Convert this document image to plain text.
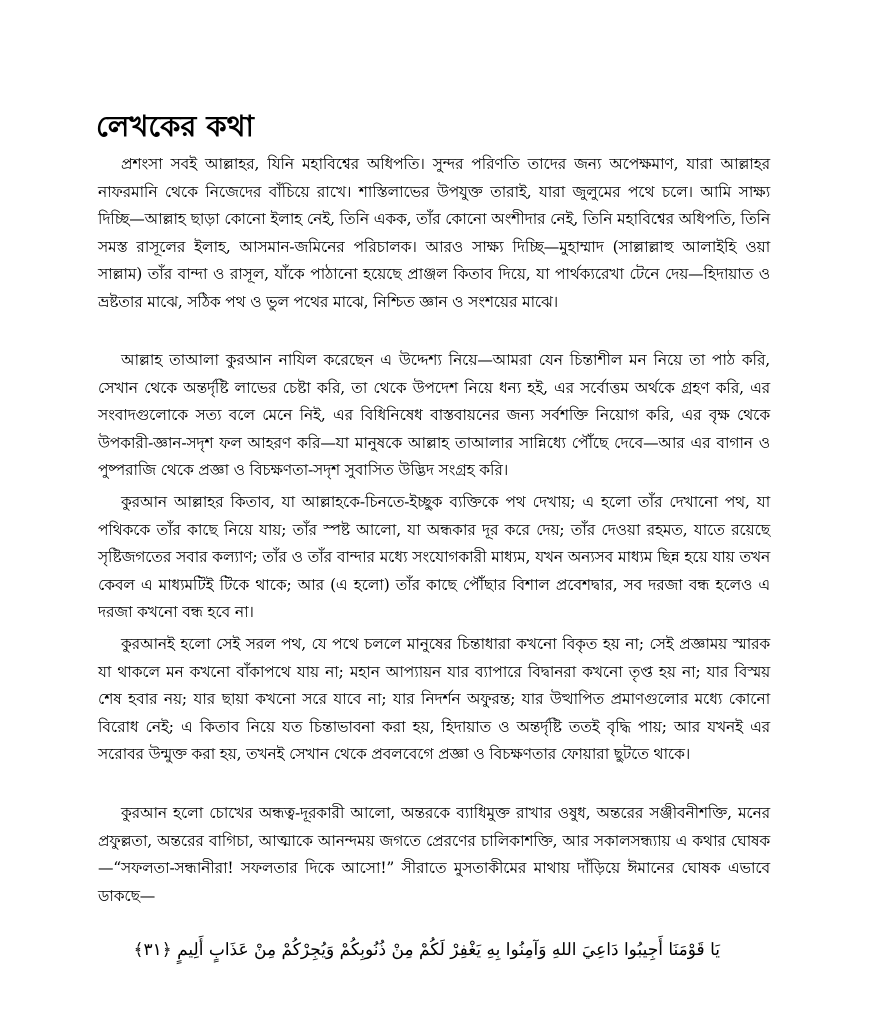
লেখকের কথা

প্রশংসা সবই আল্লাহর, যিনি মহাবিশ্বের অধিপতি। সুন্দর পরিণতি তাদের জন্য অপেক্ষমাণ, যারা আল্লাহর নাফরমানি থেকে নিজেদের বাঁচিয়ে রাখে। শাস্তিলাভের উপযুক্ত তারাই, যারা জুলুমের পথে চলে। আমি সাক্ষ্য দিচ্ছি—আল্লাহ ছাড়া কোনো ইলাহ নেই, তিনি একক, তাঁর কোনো অংশীদার নেই, তিনি মহাবিশ্বের অধিপতি, তিনি সমস্ত রাসূলের ইলাহ, আসমান-জমিনের পরিচালক। আরও সাক্ষ্য দিচ্ছি—মুহাম্মাদ (সাল্লাল্লাহু আলাইহি ওয়া সাল্লাম) তাঁর বান্দা ও রাসূল, যাঁকে পাঠানো হয়েছে প্রাঞ্জল কিতাব দিয়ে, যা পার্থক্যরেখা টেনে দেয়—হিদায়াত ও ভ্রষ্টতার মাঝে, সঠিক পথ ও ভুল পথের মাঝে, নিশ্চিত জ্ঞান ও সংশয়ের মাঝে।

আল্লাহ তাআলা কুরআন নাযিল করেছেন এ উদ্দেশ্য নিয়ে—আমরা যেন চিন্তাশীল মন নিয়ে তা পাঠ করি, সেখান থেকে অন্তর্দৃষ্টি লাভের চেষ্টা করি, তা থেকে উপদেশ নিয়ে ধন্য হই, এর সর্বোত্তম অর্থকে গ্রহণ করি, এর সংবাদগুলোকে সত্য বলে মেনে নিই, এর বিধিনিষেধ বাস্তবায়নের জন্য সর্বশক্তি নিয়োগ করি, এর বৃক্ষ থেকে উপকারী-জ্ঞান-সদৃশ ফল আহরণ করি—যা মানুষকে আল্লাহ তাআলার সান্নিধ্যে পৌঁছে দেবে—আর এর বাগান ও পুষ্পরাজি থেকে প্রজ্ঞা ও বিচক্ষণতা-সদৃশ সুবাসিত উদ্ভিদ সংগ্রহ করি।

কুরআন আল্লাহর কিতাব, যা আল্লাহকে-চিনতে-ইচ্ছুক ব্যক্তিকে পথ দেখায়; এ হলো তাঁর দেখানো পথ, যা পথিককে তাঁর কাছে নিয়ে যায়; তাঁর স্পষ্ট আলো, যা অন্ধকার দূর করে দেয়; তাঁর দেওয়া রহমত, যাতে রয়েছে সৃষ্টিজগতের সবার কল্যাণ; তাঁর ও তাঁর বান্দার মধ্যে সংযোগকারী মাধ্যম, যখন অন্যসব মাধ্যম ছিন্ন হয়ে যায় তখন কেবল এ মাধ্যমটিই টিকে থাকে; আর (এ হলো) তাঁর কাছে পৌঁছার বিশাল প্রবেশদ্বার, সব দরজা বন্ধ হলেও এ দরজা কখনো বন্ধ হবে না।

কুরআনই হলো সেই সরল পথ, যে পথে চললে মানুষের চিন্তাধারা কখনো বিকৃত হয় না; সেই প্রজ্ঞাময় স্মারক যা থাকলে মন কখনো বাঁকাপথে যায় না; মহান আপ্যায়ন যার ব্যাপারে বিদ্বানরা কখনো তৃপ্ত হয় না; যার বিস্ময় শেষ হবার নয়; যার ছায়া কখনো সরে যাবে না; যার নিদর্শন অফুরন্ত; যার উত্থাপিত প্রমাণগুলোর মধ্যে কোনো বিরোধ নেই; এ কিতাব নিয়ে যত চিন্তাভাবনা করা হয়, হিদায়াত ও অন্তর্দৃষ্টি ততই বৃদ্ধি পায়; আর যখনই এর সরোবর উন্মুক্ত করা হয়, তখনই সেখান থেকে প্রবলবেগে প্রজ্ঞা ও বিচক্ষণতার ফোয়ারা ছুটতে থাকে।

কুরআন হলো চোখের অন্ধত্ব-দূরকারী আলো, অন্তরকে ব্যাধিমুক্ত রাখার ওষুধ, অন্তরের সঞ্জীবনীশক্তি, মনের প্রফুল্লতা, অন্তরের বাগিচা, আত্মাকে আনন্দময় জগতে প্রেরণের চালিকাশক্তি, আর সকালসন্ধ্যায় এ কথার ঘোষক—“সফলতা-সন্ধানীরা! সফলতার দিকে আসো!” সীরাতে মুসতাকীমের মাথায় দাঁড়িয়ে ঈমানের ঘোষক এভাবে ডাকছে—

يَا قَوْمَنَا أَجِيبُوا دَاعِيَ اللهِ وَآمِنُوا بِهِ يَغْفِرْ لَكُمْ مِنْ ذُنُوبِكُمْ وَيُجِرْكُمْ مِنْ عَذَابٍ أَلِيمٍ ﴿٣١﴾
